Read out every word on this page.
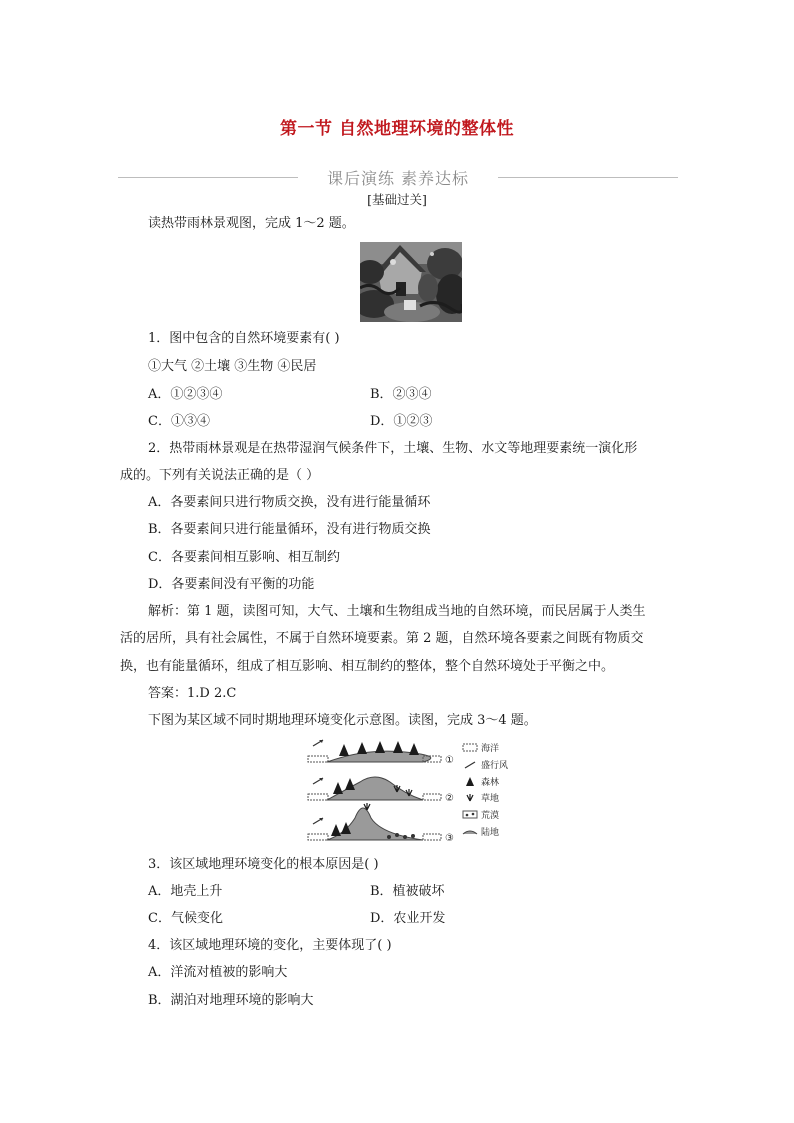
第一节 自然地理环境的整体性
课后演练 素养达标
[基础过关]
读热带雨林景观图，完成 1～2 题。
1．图中包含的自然环境要素有( )
①大气 ②土壤 ③生物 ④民居
A．①②③④	B．②③④
C．①③④	D．①②③
2．热带雨林景观是在热带湿润气候条件下，土壤、生物、水文等地理要素统一演化形
成的。下列有关说法正确的是（ ）
A．各要素间只进行物质交换，没有进行能量循环
B．各要素间只进行能量循环，没有进行物质交换
C．各要素间相互影响、相互制约
D．各要素间没有平衡的功能
解析：第 1 题，读图可知，大气、土壤和生物组成当地的自然环境，而民居属于人类生
活的居所，具有社会属性，不属于自然环境要素。第 2 题，自然环境各要素之间既有物质交
换，也有能量循环，组成了相互影响、相互制约的整体，整个自然环境处于平衡之中。
答案：1.D 2.C
下图为某区域不同时期地理环境变化示意图。读图，完成 3～4 题。
①
②
③
海洋
盛行风
森林
草地
荒漠
陆地
3．该区域地理环境变化的根本原因是( )
A．地壳上升	B．植被破坏
C．气候变化	D．农业开发
4．该区域地理环境的变化，主要体现了( )
A．洋流对植被的影响大
B．湖泊对地理环境的影响大
